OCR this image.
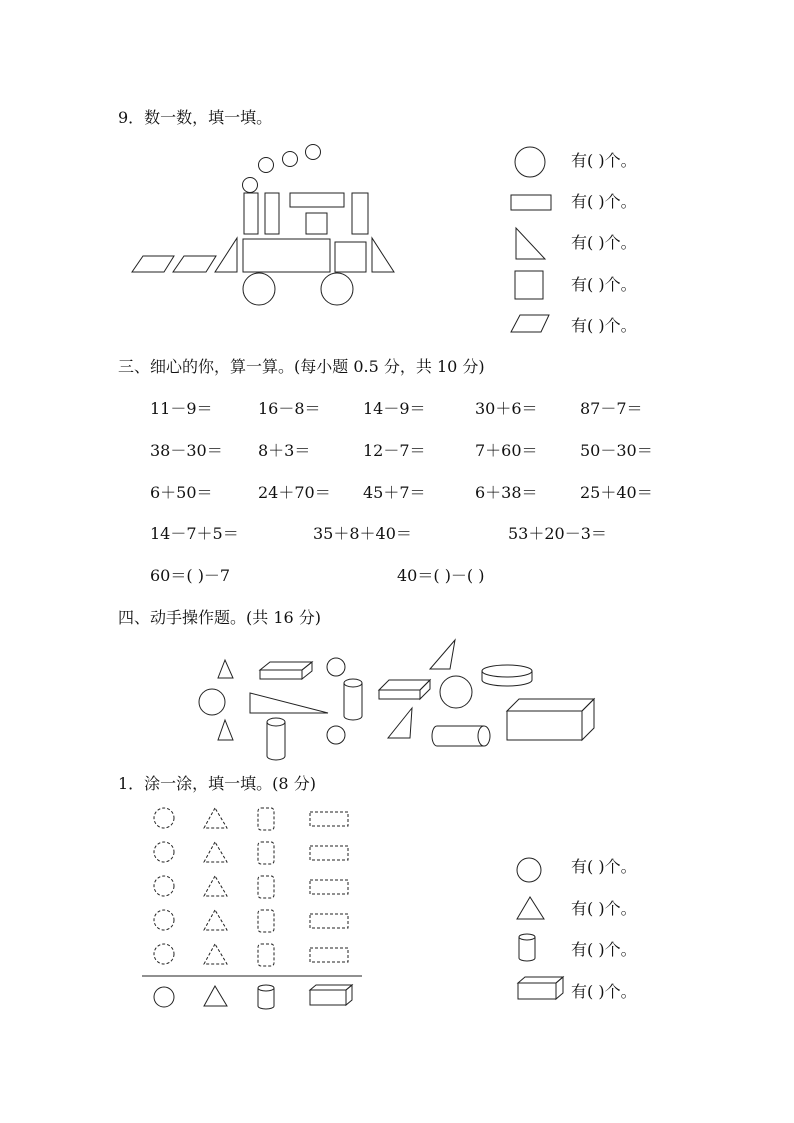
9．数一数，填一填。
有( )个。
有( )个。
有( )个。
有( )个。
有( )个。
三、细心的你，算一算。(每小题 0.5 分，共 10 分)
11－9＝	16－8＝	14－9＝	30＋6＝	87－7＝
38－30＝ 8＋3＝	12－7＝	7＋60＝	50－30＝
6＋50＝	24＋70＝ 45＋7＝	6＋38＝	25＋40＝
14－7＋5＝	35＋8＋40＝	53＋20－3＝
60＝( )－7	40＝( )－( )
四、动手操作题。(共 16 分)
1．涂一涂，填一填。(8 分)
有( )个。
有( )个。
有( )个。
有( )个。
